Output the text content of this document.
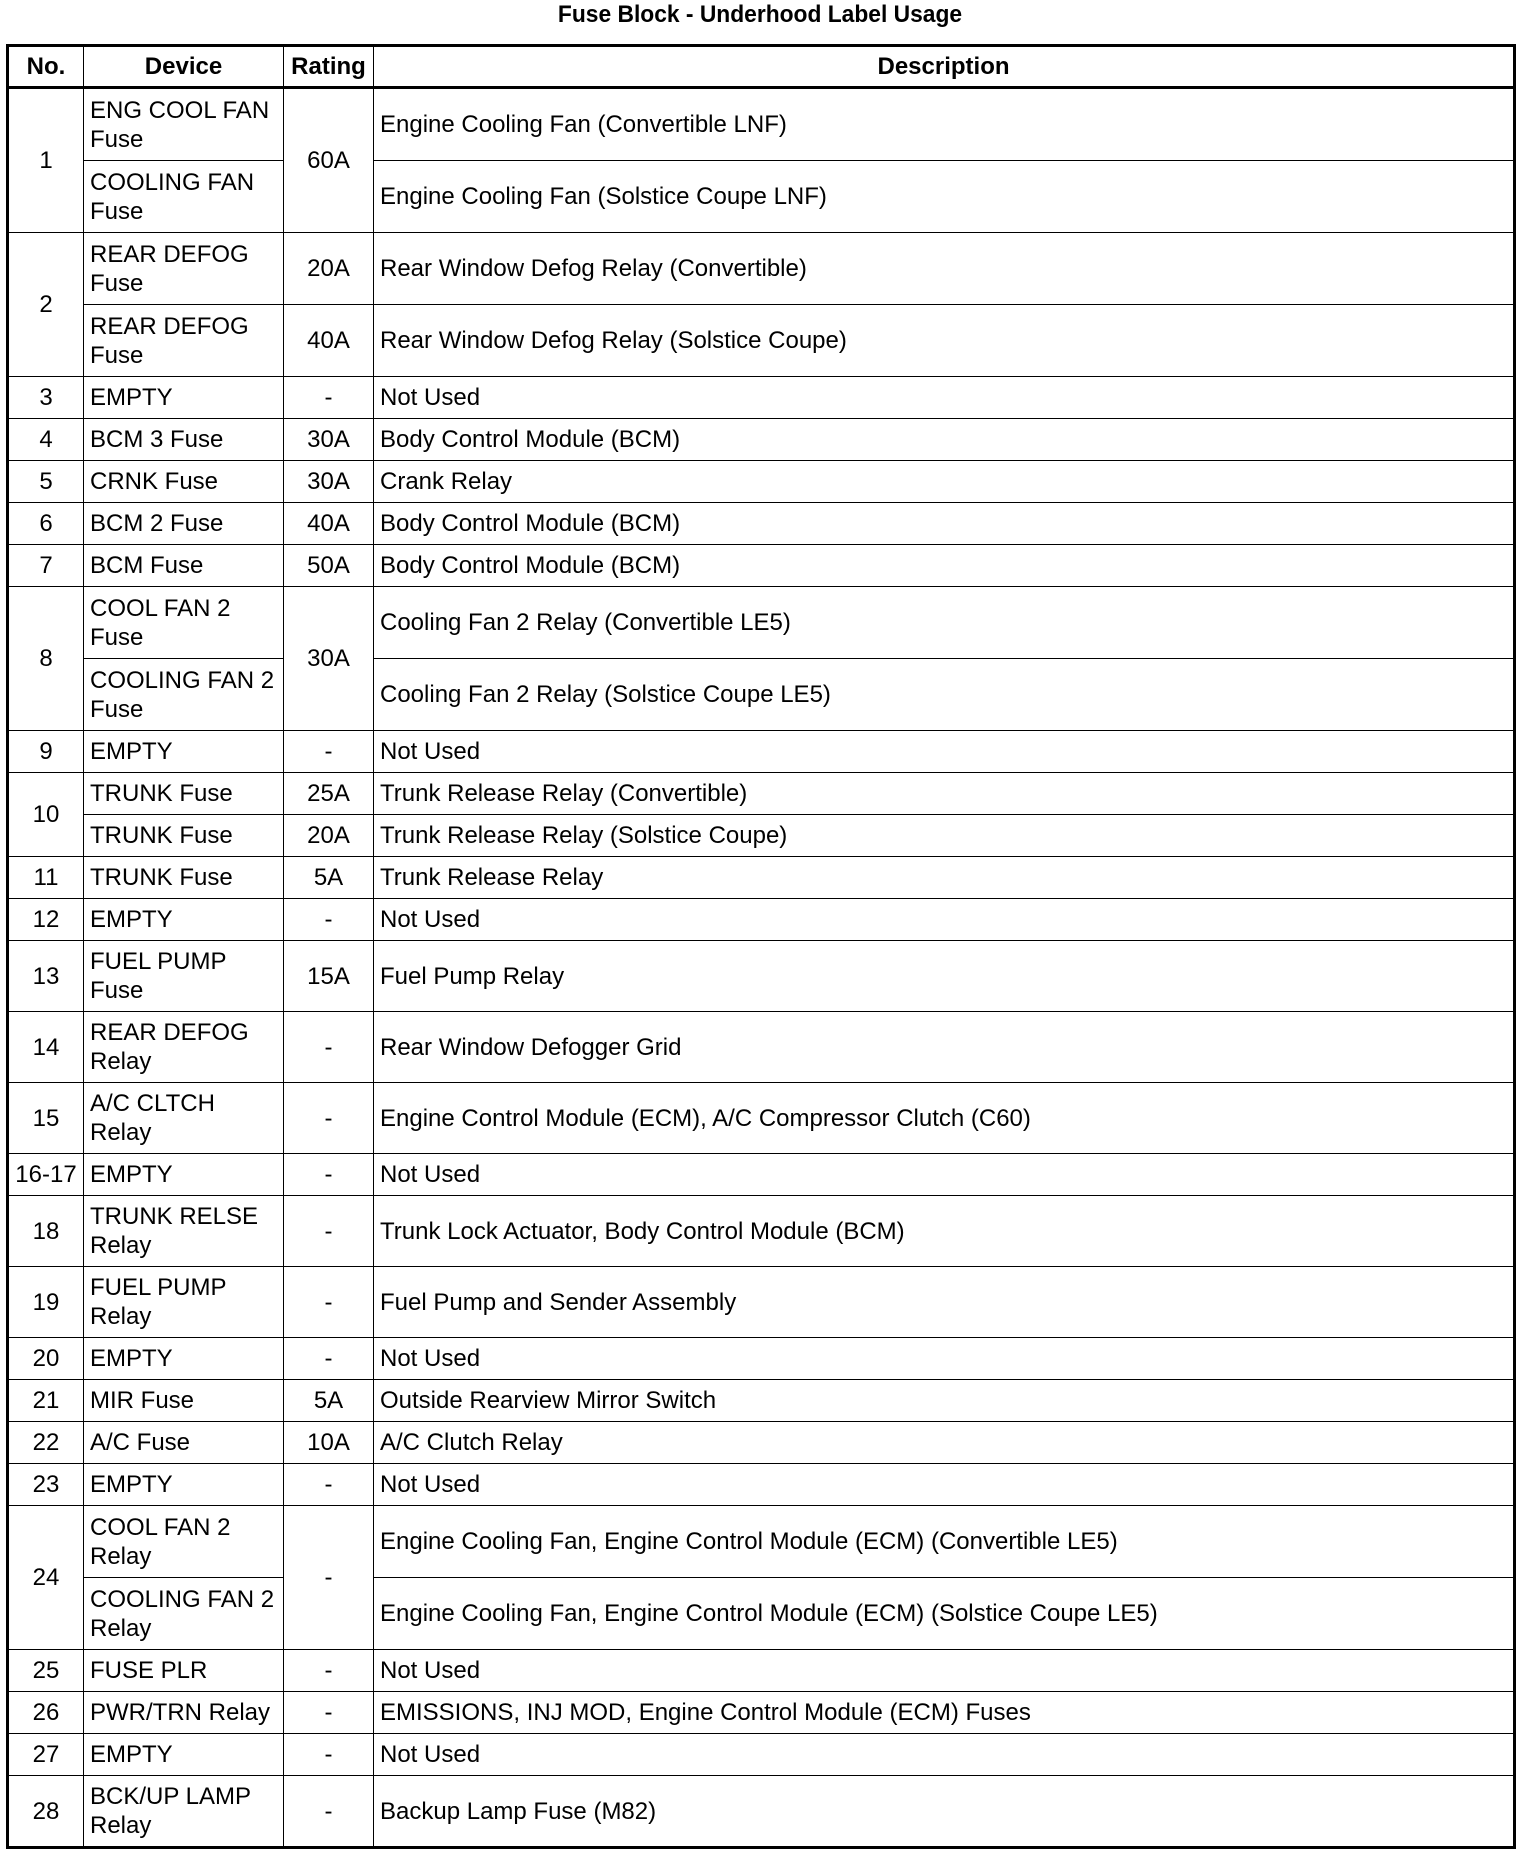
Fuse Block - Underhood Label Usage
No.	Device	Rating	Description
1	ENG COOL FAN Fuse	60A	Engine Cooling Fan (Convertible LNF)
	COOLING FAN Fuse		Engine Cooling Fan (Solstice Coupe LNF)
2	REAR DEFOG Fuse	20A	Rear Window Defog Relay (Convertible)
	REAR DEFOG Fuse	40A	Rear Window Defog Relay (Solstice Coupe)
3	EMPTY	-	Not Used
4	BCM 3 Fuse	30A	Body Control Module (BCM)
5	CRNK Fuse	30A	Crank Relay
6	BCM 2 Fuse	40A	Body Control Module (BCM)
7	BCM Fuse	50A	Body Control Module (BCM)
8	COOL FAN 2 Fuse	30A	Cooling Fan 2 Relay (Convertible LE5)
	COOLING FAN 2 Fuse		Cooling Fan 2 Relay (Solstice Coupe LE5)
9	EMPTY	-	Not Used
10	TRUNK Fuse	25A	Trunk Release Relay (Convertible)
	TRUNK Fuse	20A	Trunk Release Relay (Solstice Coupe)
11	TRUNK Fuse	5A	Trunk Release Relay
12	EMPTY	-	Not Used
13	FUEL PUMP Fuse	15A	Fuel Pump Relay
14	REAR DEFOG Relay	-	Rear Window Defogger Grid
15	A/C CLTCH Relay	-	Engine Control Module (ECM), A/C Compressor Clutch (C60)
16-17	EMPTY	-	Not Used
18	TRUNK RELSE Relay	-	Trunk Lock Actuator, Body Control Module (BCM)
19	FUEL PUMP Relay	-	Fuel Pump and Sender Assembly
20	EMPTY	-	Not Used
21	MIR Fuse	5A	Outside Rearview Mirror Switch
22	A/C Fuse	10A	A/C Clutch Relay
23	EMPTY	-	Not Used
24	COOL FAN 2 Relay	-	Engine Cooling Fan, Engine Control Module (ECM) (Convertible LE5)
	COOLING FAN 2 Relay		Engine Cooling Fan, Engine Control Module (ECM) (Solstice Coupe LE5)
25	FUSE PLR	-	Not Used
26	PWR/TRN Relay	-	EMISSIONS, INJ MOD, Engine Control Module (ECM) Fuses
27	EMPTY	-	Not Used
28	BCK/UP LAMP Relay	-	Backup Lamp Fuse (M82)
